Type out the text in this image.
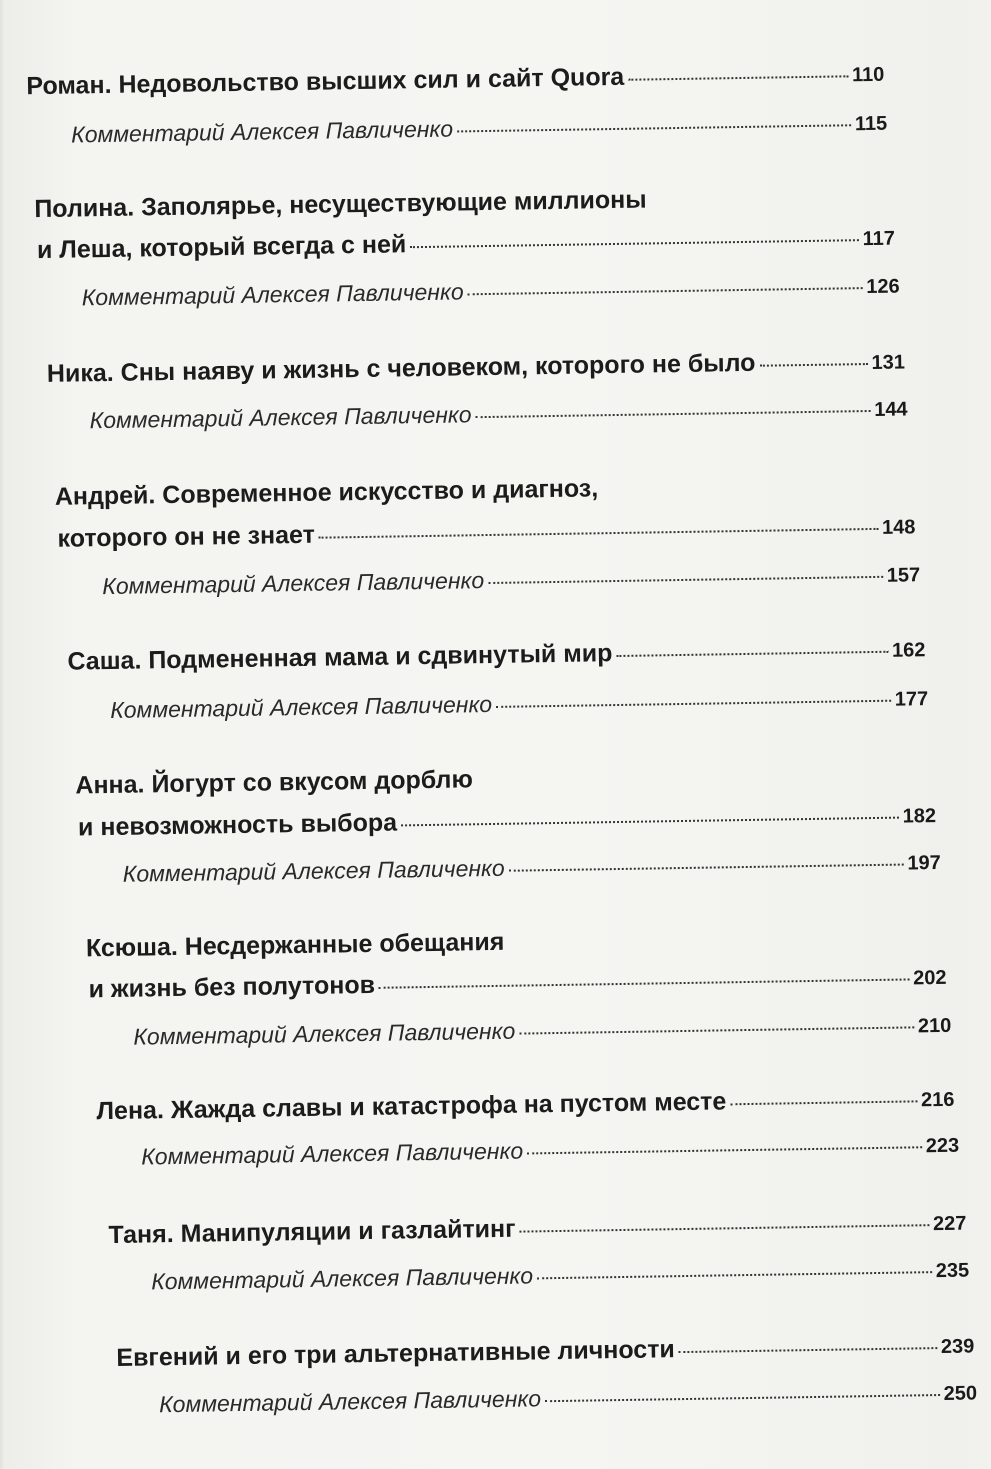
Роман. Недовольство высших сил и сайт Quora	110
Комментарий Алексея Павличенко	115
Полина. Заполярье, несуществующие миллионы
и Леша, который всегда с ней	117
Комментарий Алексея Павличенко	126
Ника. Сны наяву и жизнь с человеком, которого не было	131
Комментарий Алексея Павличенко	144
Андрей. Современное искусство и диагноз,
которого он не знает	148
Комментарий Алексея Павличенко	157
Саша. Подмененная мама и сдвинутый мир	162
Комментарий Алексея Павличенко	177
Анна. Йогурт со вкусом дорблю
и невозможность выбора	182
Комментарий Алексея Павличенко	197
Ксюша. Несдержанные обещания
и жизнь без полутонов	202
Комментарий Алексея Павличенко	210
Лена. Жажда славы и катастрофа на пустом месте	216
Комментарий Алексея Павличенко	223
Таня. Манипуляции и газлайтинг	227
Комментарий Алексея Павличенко	235
Евгений и его три альтернативные личности	239
Комментарий Алексея Павличенко	250
